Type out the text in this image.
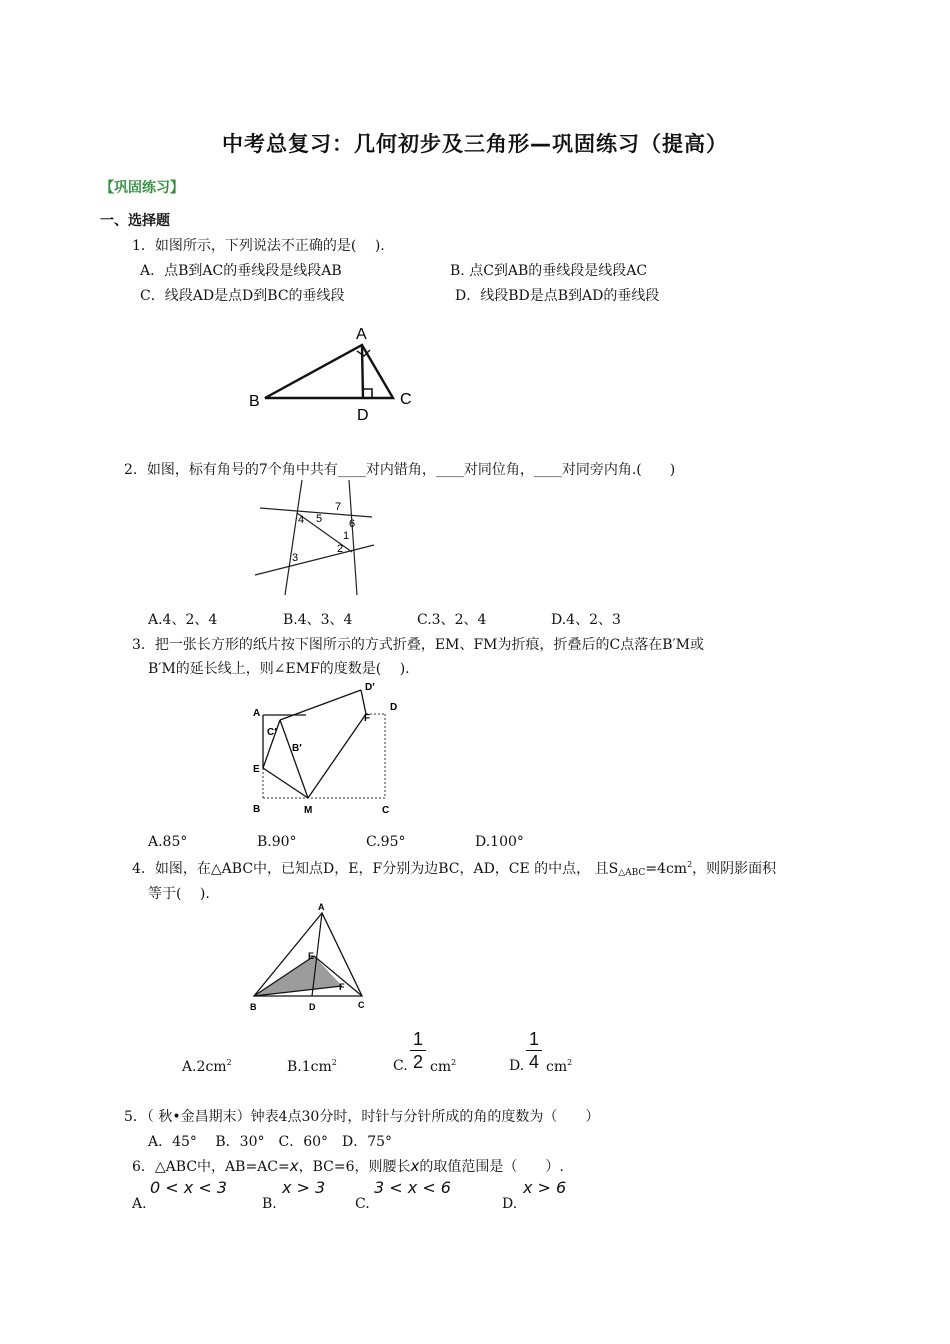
中考总复习：几何初步及三角形—巩固练习（提高）
【巩固练习】
一、选择题
1．如图所示，下列说法不正确的是(　 ).
A．点B到AC的垂线段是线段AB	B. 点C到AB的垂线段是线段AC
C．线段AD是点D到BC的垂线段	D．线段BD是点B到AD的垂线段
A
B	C
D
2．如图，标有角号的7个角中共有____对内错角，____对同位角，____对同旁内角.(　　)
4 5
7
6
1
2
3
A.4、2、4	B.4、3、4	C.3、2、4	D.4、2、3
3．把一张长方形的纸片按下图所示的方式折叠，EM、FM为折痕，折叠后的C点落在B′M或
B′M的延长线上，则∠EMF的度数是(　 ).
A
B	C
D
D′
C′
B′
E
F
M
A.85°	B.90°	C.95°	D.100°
4．如图，在△ABC中，已知点D，E，F分别为边BC，AD，CE 的中点， 且$S_{\triangle ABC}=4cm^2$，则阴影面积
等于(　 ).
A
B	C
D
E
F
$A.2cm^2$	$B.1cm^2$	C.
1
2 $cm^2$	D.
1
4 $cm^2$
5．（ 秋•金昌期末）钟表4点30分时，时针与分针所成的角的度数为（　　）
A．45°　 B．30°　C．60°　D．75°
6．△ABC中，AB=AC=x，BC=6，则腰长x的取值范围是（　　）.
0 < x < 3
A.
x > 3
B.
3 < x < 6
C.
x > 6
D.
